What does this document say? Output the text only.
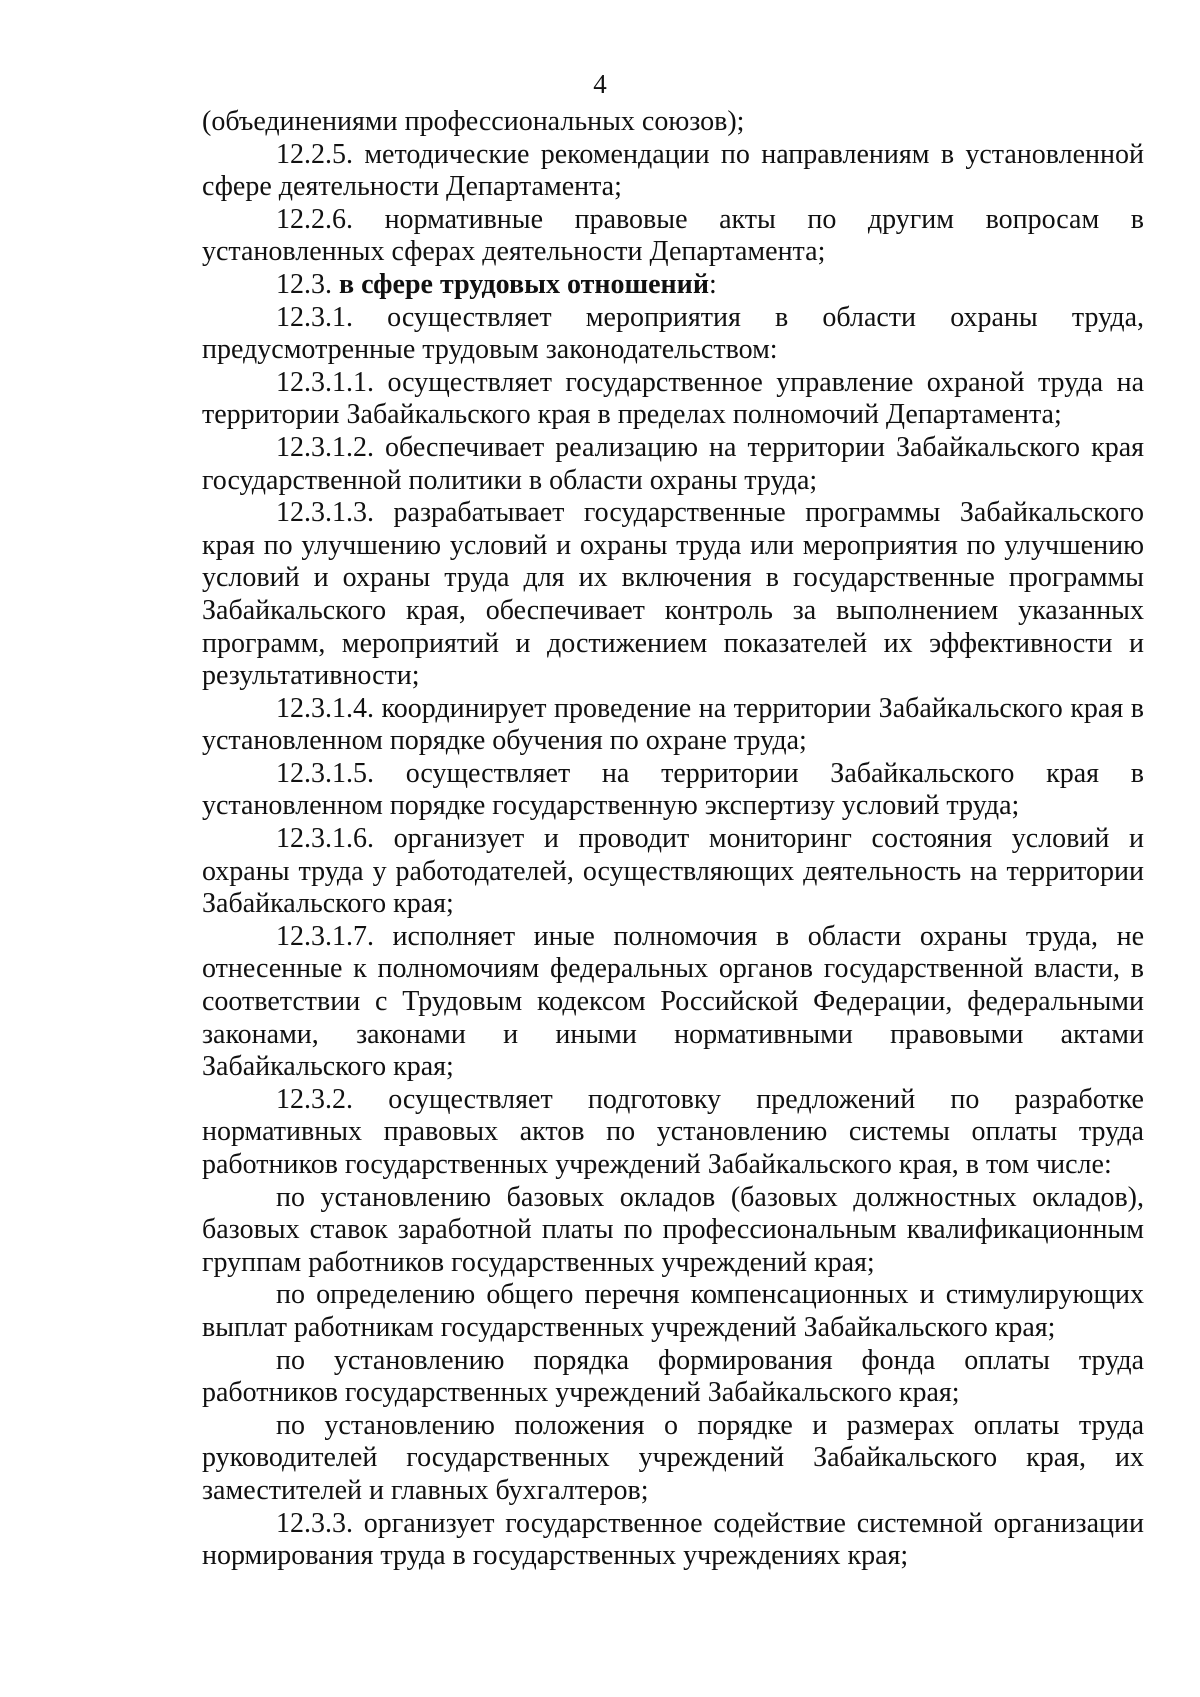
4

(объединениями профессиональных союзов);

12.2.5. методические рекомендации по направлениям в установленной сфере деятельности Департамента;

12.2.6. нормативные правовые акты по другим вопросам в установленных сферах деятельности Департамента;

12.3. в сфере трудовых отношений:

12.3.1. осуществляет мероприятия в области охраны труда, предусмотренные трудовым законодательством:

12.3.1.1. осуществляет государственное управление охраной труда на территории Забайкальского края в пределах полномочий Департамента;

12.3.1.2. обеспечивает реализацию на территории Забайкальского края государственной политики в области охраны труда;

12.3.1.3. разрабатывает государственные программы Забайкальского края по улучшению условий и охраны труда или мероприятия по улучшению условий и охраны труда для их включения в государственные программы Забайкальского края, обеспечивает контроль за выполнением указанных программ, мероприятий и достижением показателей их эффективности и результативности;

12.3.1.4. координирует проведение на территории Забайкальского края в установленном порядке обучения по охране труда;

12.3.1.5. осуществляет на территории Забайкальского края в установленном порядке государственную экспертизу условий труда;

12.3.1.6. организует и проводит мониторинг состояния условий и охраны труда у работодателей, осуществляющих деятельность на территории Забайкальского края;

12.3.1.7. исполняет иные полномочия в области охраны труда, не отнесенные к полномочиям федеральных органов государственной власти, в соответствии с Трудовым кодексом Российской Федерации, федеральными законами, законами и иными нормативными правовыми актами Забайкальского края;

12.3.2. осуществляет подготовку предложений по разработке нормативных правовых актов по установлению системы оплаты труда работников государственных учреждений Забайкальского края, в том числе:

по установлению базовых окладов (базовых должностных окладов), базовых ставок заработной платы по профессиональным квалификационным группам работников государственных учреждений края;

по определению общего перечня компенсационных и стимулирующих выплат работникам государственных учреждений Забайкальского края;

по установлению порядка формирования фонда оплаты труда работников государственных учреждений Забайкальского края;

по установлению положения о порядке и размерах оплаты труда руководителей государственных учреждений Забайкальского края, их заместителей и главных бухгалтеров;

12.3.3. организует государственное содействие системной организации нормирования труда в государственных учреждениях края;
